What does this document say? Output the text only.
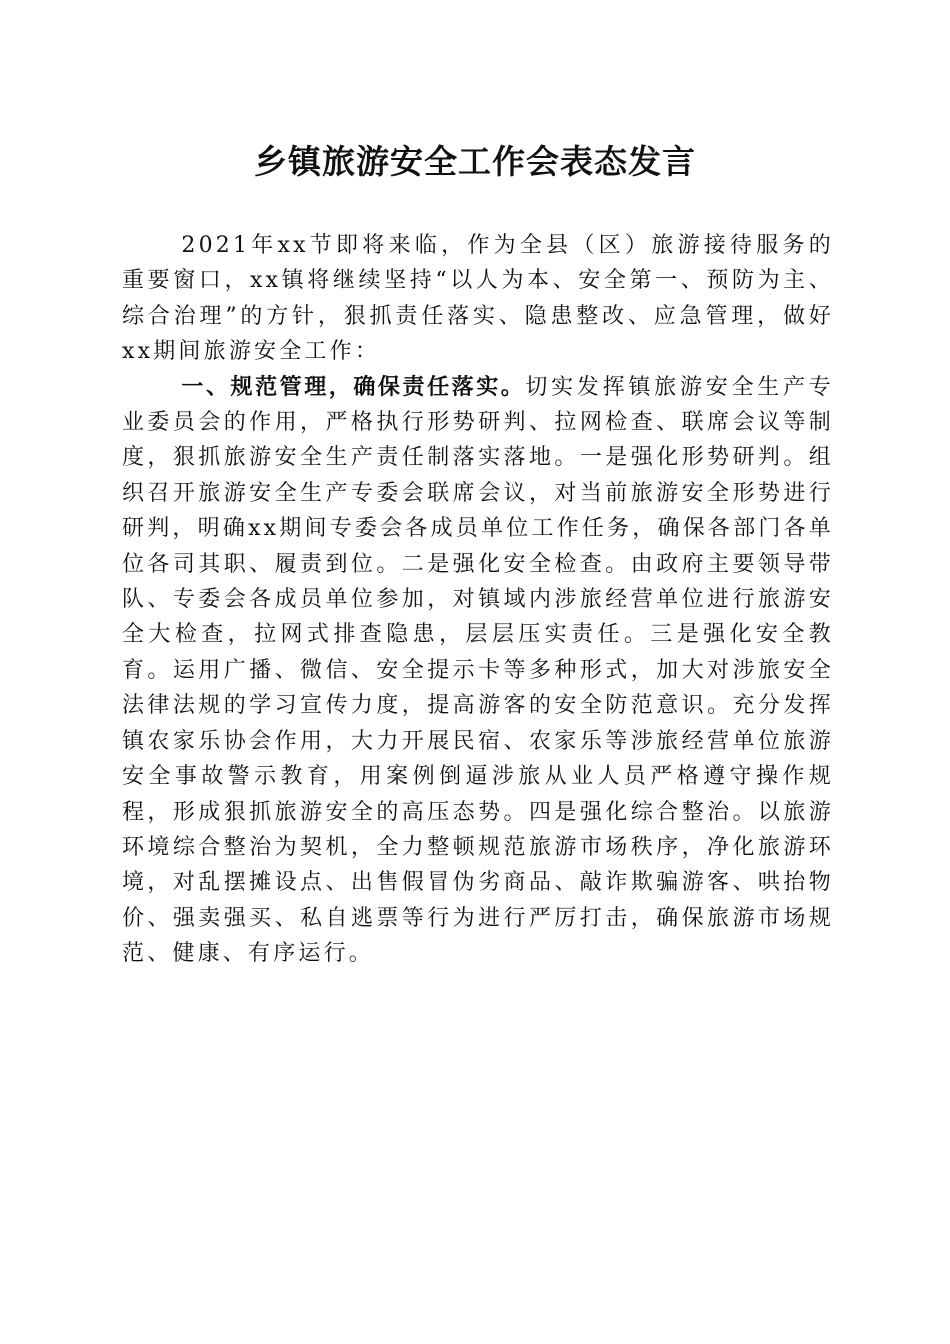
乡镇旅游安全工作会表态发言

2021年xx节即将来临，作为全县（区）旅游接待服务的重要窗口，xx镇将继续坚持“以人为本、安全第一、预防为主、综合治理”的方针，狠抓责任落实、隐患整改、应急管理，做好xx期间旅游安全工作：

一、规范管理，确保责任落实。切实发挥镇旅游安全生产专业委员会的作用，严格执行形势研判、拉网检查、联席会议等制度，狠抓旅游安全生产责任制落实落地。一是强化形势研判。组织召开旅游安全生产专委会联席会议，对当前旅游安全形势进行研判，明确xx期间专委会各成员单位工作任务，确保各部门各单位各司其职、履责到位。二是强化安全检查。由政府主要领导带队、专委会各成员单位参加，对镇域内涉旅经营单位进行旅游安全大检查，拉网式排查隐患，层层压实责任。三是强化安全教育。运用广播、微信、安全提示卡等多种形式，加大对涉旅安全法律法规的学习宣传力度，提高游客的安全防范意识。充分发挥镇农家乐协会作用，大力开展民宿、农家乐等涉旅经营单位旅游安全事故警示教育，用案例倒逼涉旅从业人员严格遵守操作规程，形成狠抓旅游安全的高压态势。四是强化综合整治。以旅游环境综合整治为契机，全力整顿规范旅游市场秩序，净化旅游环境，对乱摆摊设点、出售假冒伪劣商品、敲诈欺骗游客、哄抬物价、强卖强买、私自逃票等行为进行严厉打击，确保旅游市场规范、健康、有序运行。
